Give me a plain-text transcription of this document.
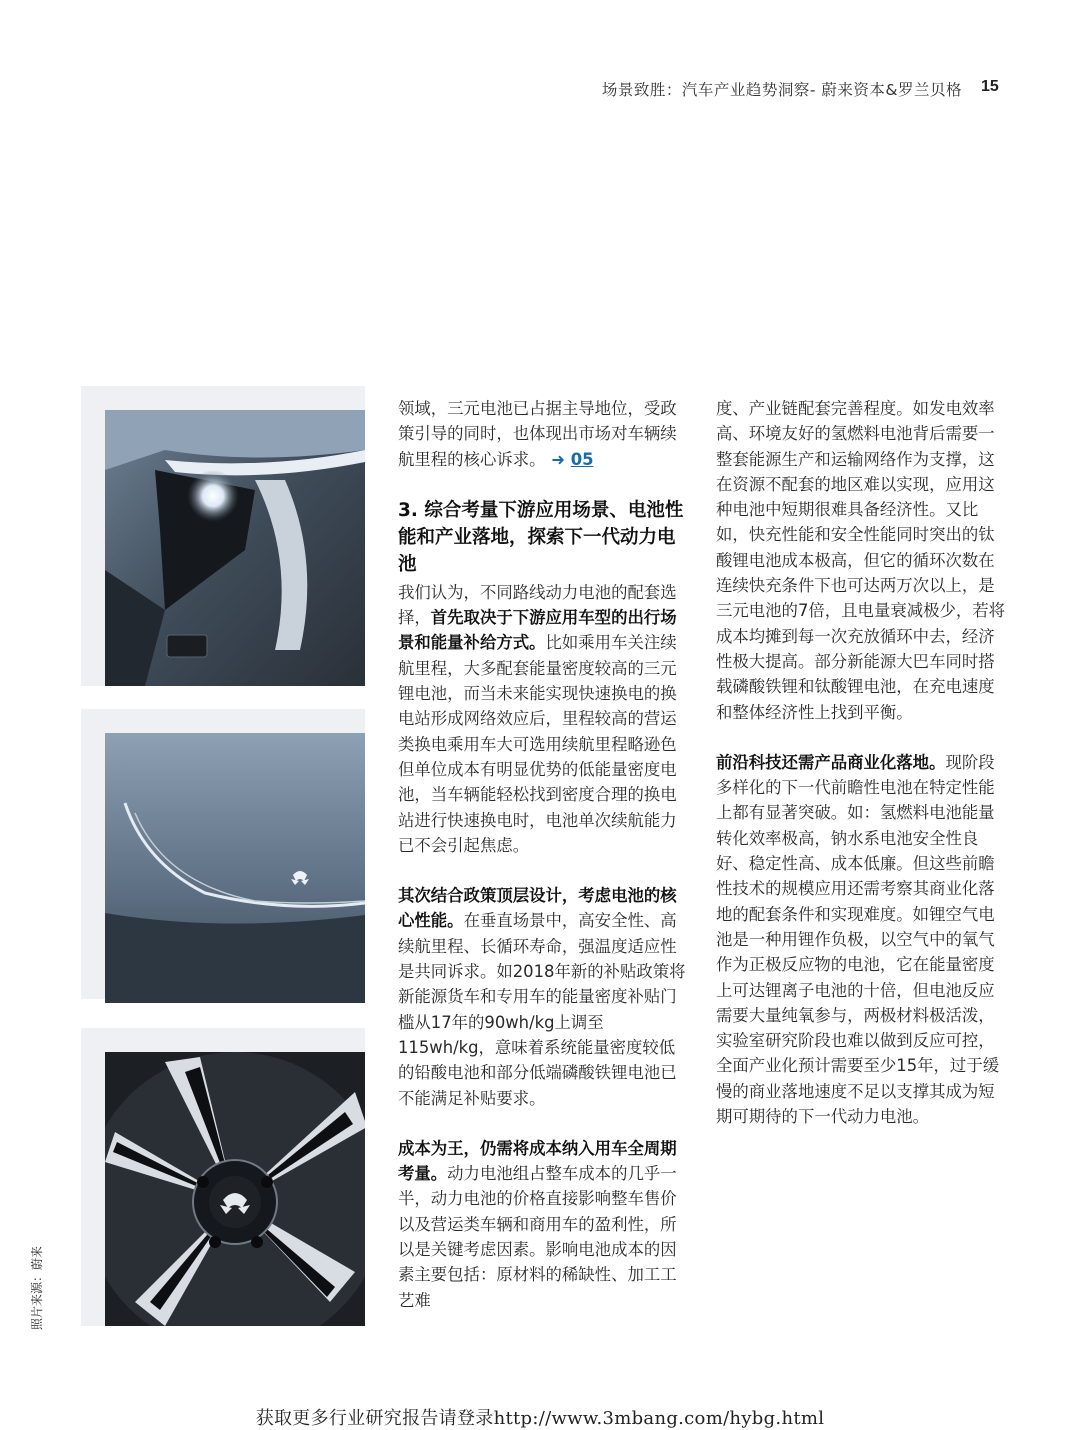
场景致胜：汽车产业趋势洞察- 蔚来资本&罗兰贝格 15
照片来源：蔚来

领域，三元电池已占据主导地位，受政策引导的同时，也体现出市场对车辆续航里程的核心诉求。 ➜ 05

3. 综合考量下游应用场景、电池性能和产业落地，探索下一代动力电池

我们认为，不同路线动力电池的配套选择，首先取决于下游应用车型的出行场景和能量补给方式。比如乘用车关注续航里程，大多配套能量密度较高的三元锂电池，而当未来能实现快速换电的换电站形成网络效应后，里程较高的营运类换电乘用车大可选用续航里程略逊色但单位成本有明显优势的低能量密度电池，当车辆能轻松找到密度合理的换电站进行快速换电时，电池单次续航能力已不会引起焦虑。

其次结合政策顶层设计，考虑电池的核心性能。在垂直场景中，高安全性、高续航里程、长循环寿命，强温度适应性是共同诉求。如2018年新的补贴政策将新能源货车和专用车的能量密度补贴门槛从17年的90wh/kg上调至115wh/kg，意味着系统能量密度较低的铅酸电池和部分低端磷酸铁锂电池已不能满足补贴要求。

成本为王，仍需将成本纳入用车全周期考量。动力电池组占整车成本的几乎一半，动力电池的价格直接影响整车售价以及营运类车辆和商用车的盈利性，所以是关键考虑因素。影响电池成本的因素主要包括：原材料的稀缺性、加工工艺难

度、产业链配套完善程度。如发电效率高、环境友好的氢燃料电池背后需要一整套能源生产和运输网络作为支撑，这在资源不配套的地区难以实现，应用这种电池中短期很难具备经济性。又比如，快充性能和安全性能同时突出的钛酸锂电池成本极高，但它的循环次数在连续快充条件下也可达两万次以上，是三元电池的7倍，且电量衰减极少，若将成本均摊到每一次充放循环中去，经济性极大提高。部分新能源大巴车同时搭载磷酸铁锂和钛酸锂电池，在充电速度和整体经济性上找到平衡。

前沿科技还需产品商业化落地。现阶段多样化的下一代前瞻性电池在特定性能上都有显著突破。如：氢燃料电池能量转化效率极高，钠水系电池安全性良好、稳定性高、成本低廉。但这些前瞻性技术的规模应用还需考察其商业化落地的配套条件和实现难度。如锂空气电池是一种用锂作负极，以空气中的氧气作为正极反应物的电池，它在能量密度上可达锂离子电池的十倍，但电池反应需要大量纯氧参与，两极材料极活泼，实验室研究阶段也难以做到反应可控，全面产业化预计需要至少15年，过于缓慢的商业落地速度不足以支撑其成为短期可期待的下一代动力电池。

获取更多行业研究报告请登录http://www.3mbang.com/hybg.html
